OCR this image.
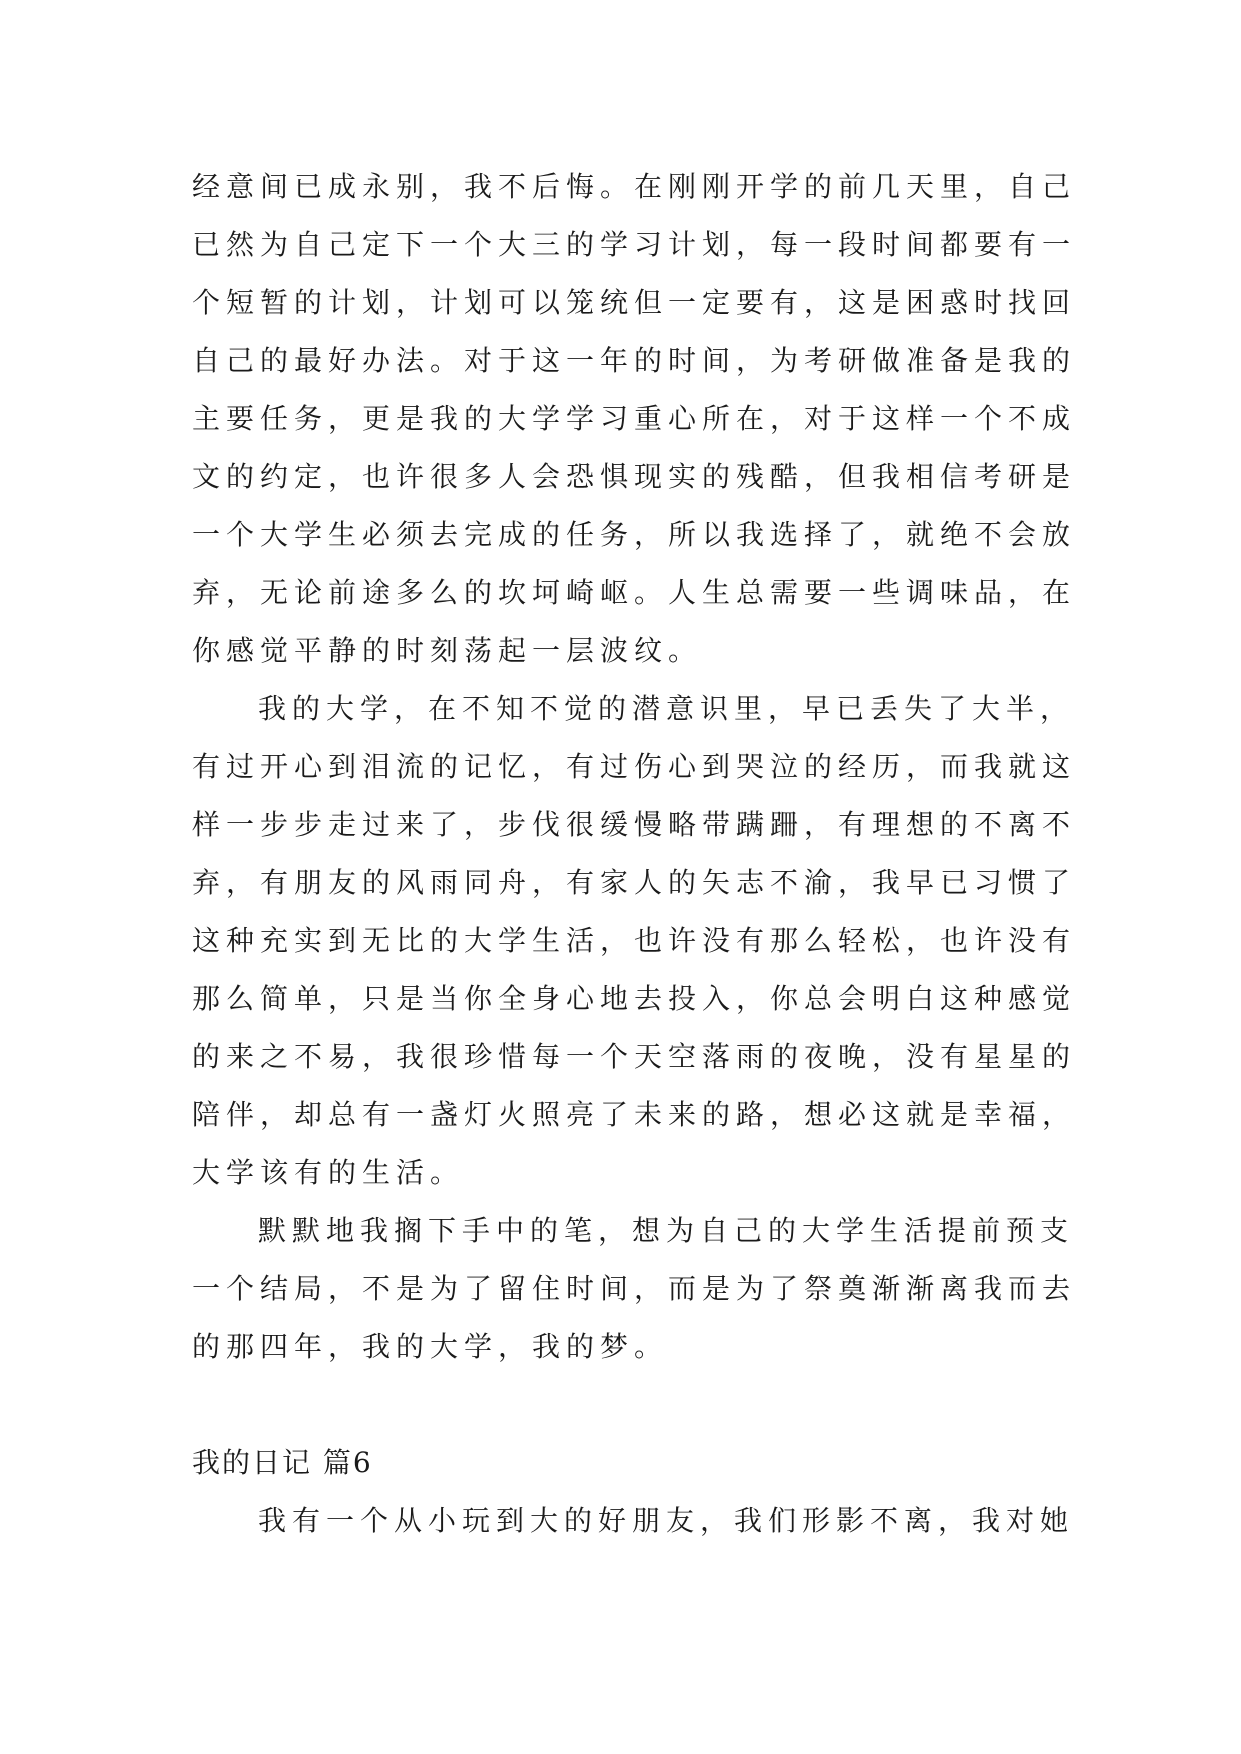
经意间已成永别，我不后悔。在刚刚开学的前几天里，自己
已然为自己定下一个大三的学习计划，每一段时间都要有一
个短暂的计划，计划可以笼统但一定要有，这是困惑时找回
自己的最好办法。对于这一年的时间，为考研做准备是我的
主要任务，更是我的大学学习重心所在，对于这样一个不成
文的约定，也许很多人会恐惧现实的残酷，但我相信考研是
一个大学生必须去完成的任务，所以我选择了，就绝不会放
弃，无论前途多么的坎坷崎岖。人生总需要一些调味品，在
你感觉平静的时刻荡起一层波纹。
我的大学，在不知不觉的潜意识里，早已丢失了大半，
有过开心到泪流的记忆，有过伤心到哭泣的经历，而我就这
样一步步走过来了，步伐很缓慢略带蹒跚，有理想的不离不
弃，有朋友的风雨同舟，有家人的矢志不渝，我早已习惯了
这种充实到无比的大学生活，也许没有那么轻松，也许没有
那么简单，只是当你全身心地去投入，你总会明白这种感觉
的来之不易，我很珍惜每一个天空落雨的夜晚，没有星星的
陪伴，却总有一盏灯火照亮了未来的路，想必这就是幸福，
大学该有的生活。
默默地我搁下手中的笔，想为自己的大学生活提前预支
一个结局，不是为了留住时间，而是为了祭奠渐渐离我而去
的那四年，我的大学，我的梦。
我的日记 篇6
我有一个从小玩到大的好朋友，我们形影不离，我对她
